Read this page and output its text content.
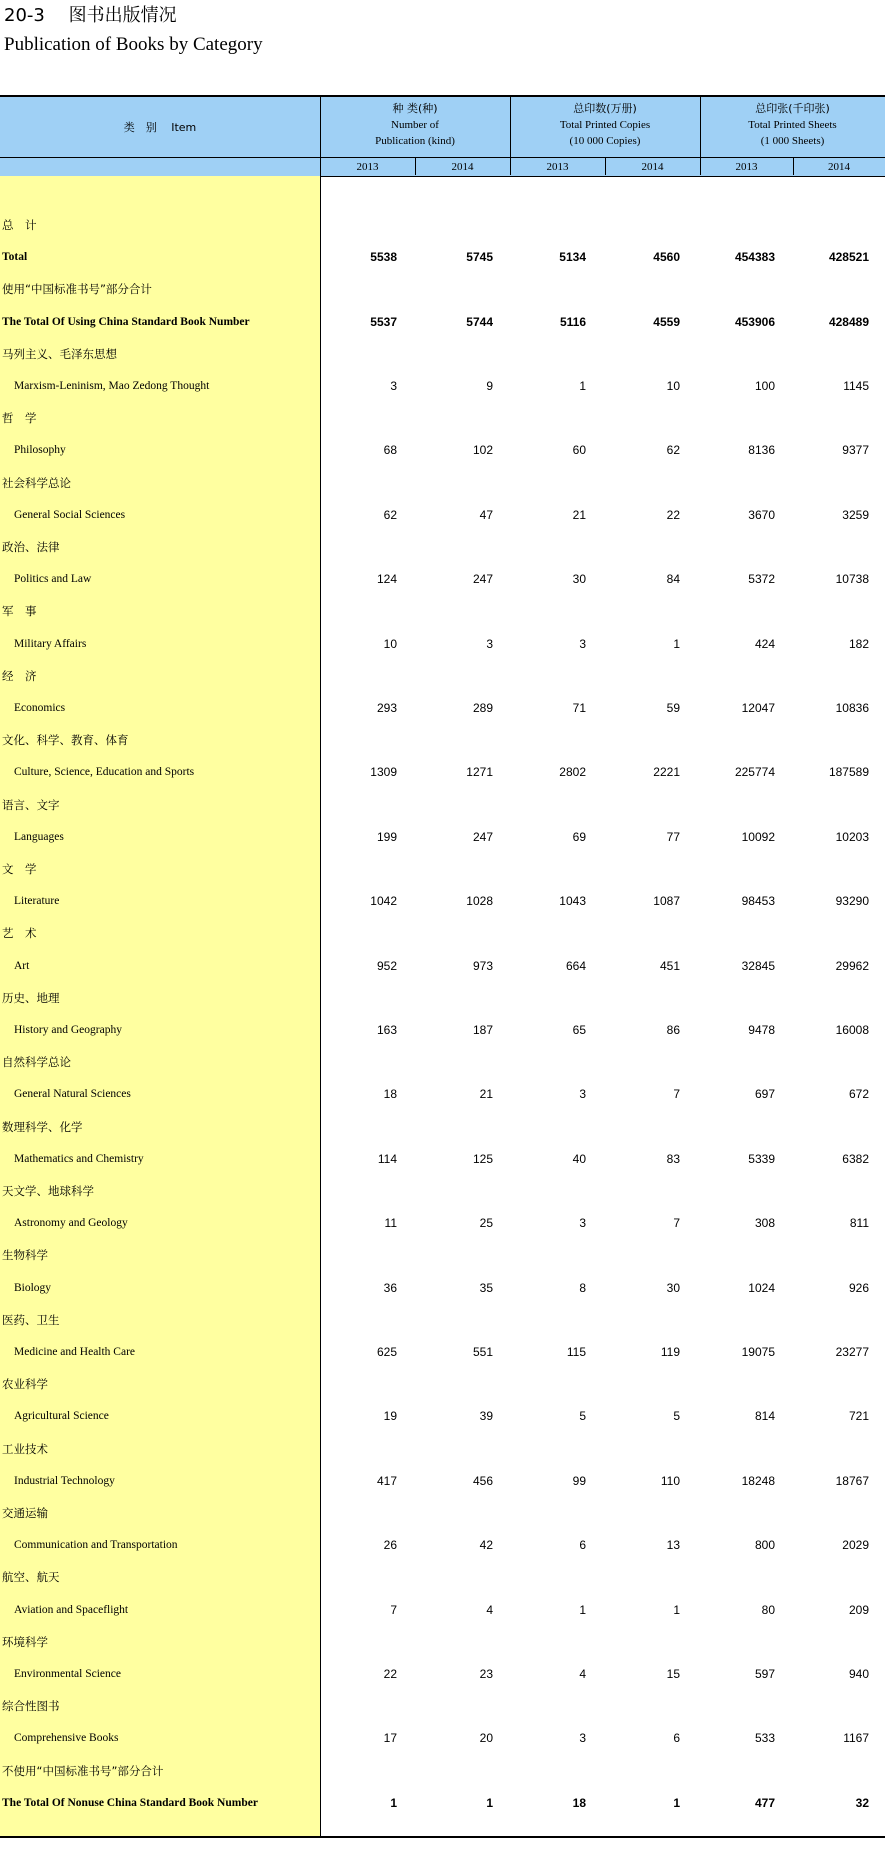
20-3　 图书出版情况
Publication of Books by Category
类　别　 Item
种 类(种)
Number of
Publication (kind)
总印数(万册)
Total Printed Copies
(10 000 Copies)
总印张(千印张)
Total Printed Sheets
(1 000 Sheets)
2013	2014	2013	2014	2013	2014
总　计
Total	5538	5745	5134	4560	454383	428521
使用“中国标准书号”部分合计
The Total Of Using China Standard Book Number	5537	5744	5116	4559	453906	428489
马列主义、毛泽东思想
Marxism-Leninism, Mao Zedong Thought	3	9	1	10	100	1145
哲　学
Philosophy	68	102	60	62	8136	9377
社会科学总论
General Social Sciences	62	47	21	22	3670	3259
政治、法律
Politics and Law	124	247	30	84	5372	10738
军　事
Military Affairs	10	3	3	1	424	182
经　济
Economics	293	289	71	59	12047	10836
文化、科学、教育、体育
Culture, Science, Education and Sports	1309	1271	2802	2221	225774	187589
语言、文字
Languages	199	247	69	77	10092	10203
文　学
Literature	1042	1028	1043	1087	98453	93290
艺　术
Art	952	973	664	451	32845	29962
历史、地理
History and Geography	163	187	65	86	9478	16008
自然科学总论
General Natural Sciences	18	21	3	7	697	672
数理科学、化学
Mathematics and Chemistry	114	125	40	83	5339	6382
天文学、地球科学
Astronomy and Geology	11	25	3	7	308	811
生物科学
Biology	36	35	8	30	1024	926
医药、卫生
Medicine and Health Care	625	551	115	119	19075	23277
农业科学
Agricultural Science	19	39	5	5	814	721
工业技术
Industrial Technology	417	456	99	110	18248	18767
交通运输
Communication and Transportation	26	42	6	13	800	2029
航空、航天
Aviation and Spaceflight	7	4	1	1	80	209
环境科学
Environmental Science	22	23	4	15	597	940
综合性图书
Comprehensive Books	17	20	3	6	533	1167
不使用“中国标准书号”部分合计
The Total Of Nonuse China Standard Book Number	1	1	18	1	477	32
